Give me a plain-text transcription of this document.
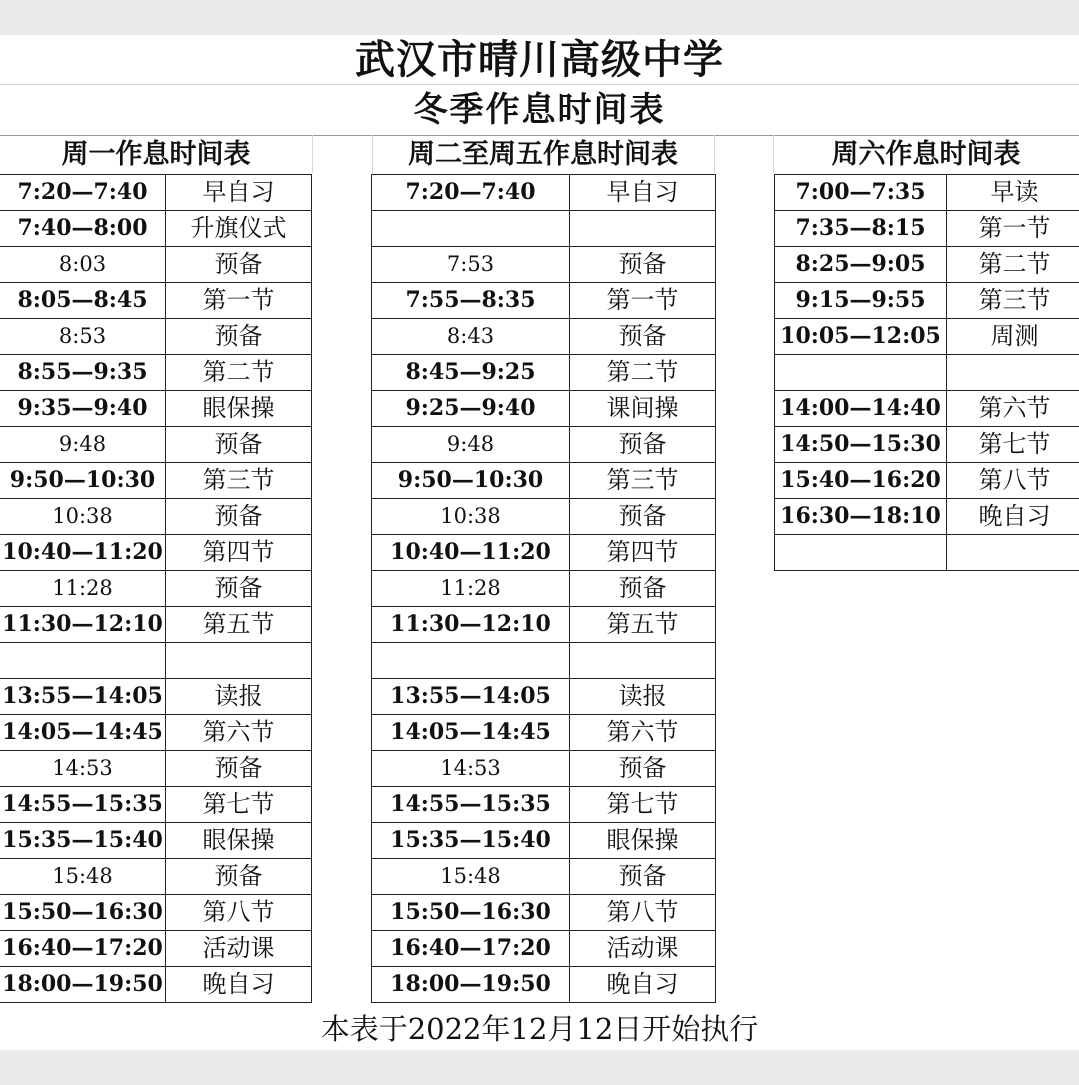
武汉市晴川高级中学
冬季作息时间表
周一作息时间表	周二至周五作息时间表	周六作息时间表
7:20—7:40	早自习
7:40—8:00	升旗仪式
8:03	预备
8:05—8:45	第一节
8:53	预备
8:55—9:35	第二节
9:35—9:40	眼保操
9:48	预备
9:50—10:30	第三节
10:38	预备
10:40—11:20	第四节
11:28	预备
11:30—12:10	第五节

13:55—14:05	读报
14:05—14:45	第六节
14:53	预备
14:55—15:35	第七节
15:35—15:40	眼保操
15:48	预备
15:50—16:30	第八节
16:40—17:20	活动课
18:00—19:50	晚自习
7:20—7:40	早自习

7:53	预备
7:55—8:35	第一节
8:43	预备
8:45—9:25	第二节
9:25—9:40	课间操
9:48	预备
9:50—10:30	第三节
10:38	预备
10:40—11:20	第四节
11:28	预备
11:30—12:10	第五节

13:55—14:05	读报
14:05—14:45	第六节
14:53	预备
14:55—15:35	第七节
15:35—15:40	眼保操
15:48	预备
15:50—16:30	第八节
16:40—17:20	活动课
18:00—19:50	晚自习
7:00—7:35	早读
7:35—8:15	第一节

8:25—9:05	第二节

9:15—9:55	第三节

10:05—12:05	周测

14:00—14:40	第六节

14:50—15:30	第七节

15:40—16:20	第八节

16:30—18:10	晚自习

本表于2022年12月12日开始执行
